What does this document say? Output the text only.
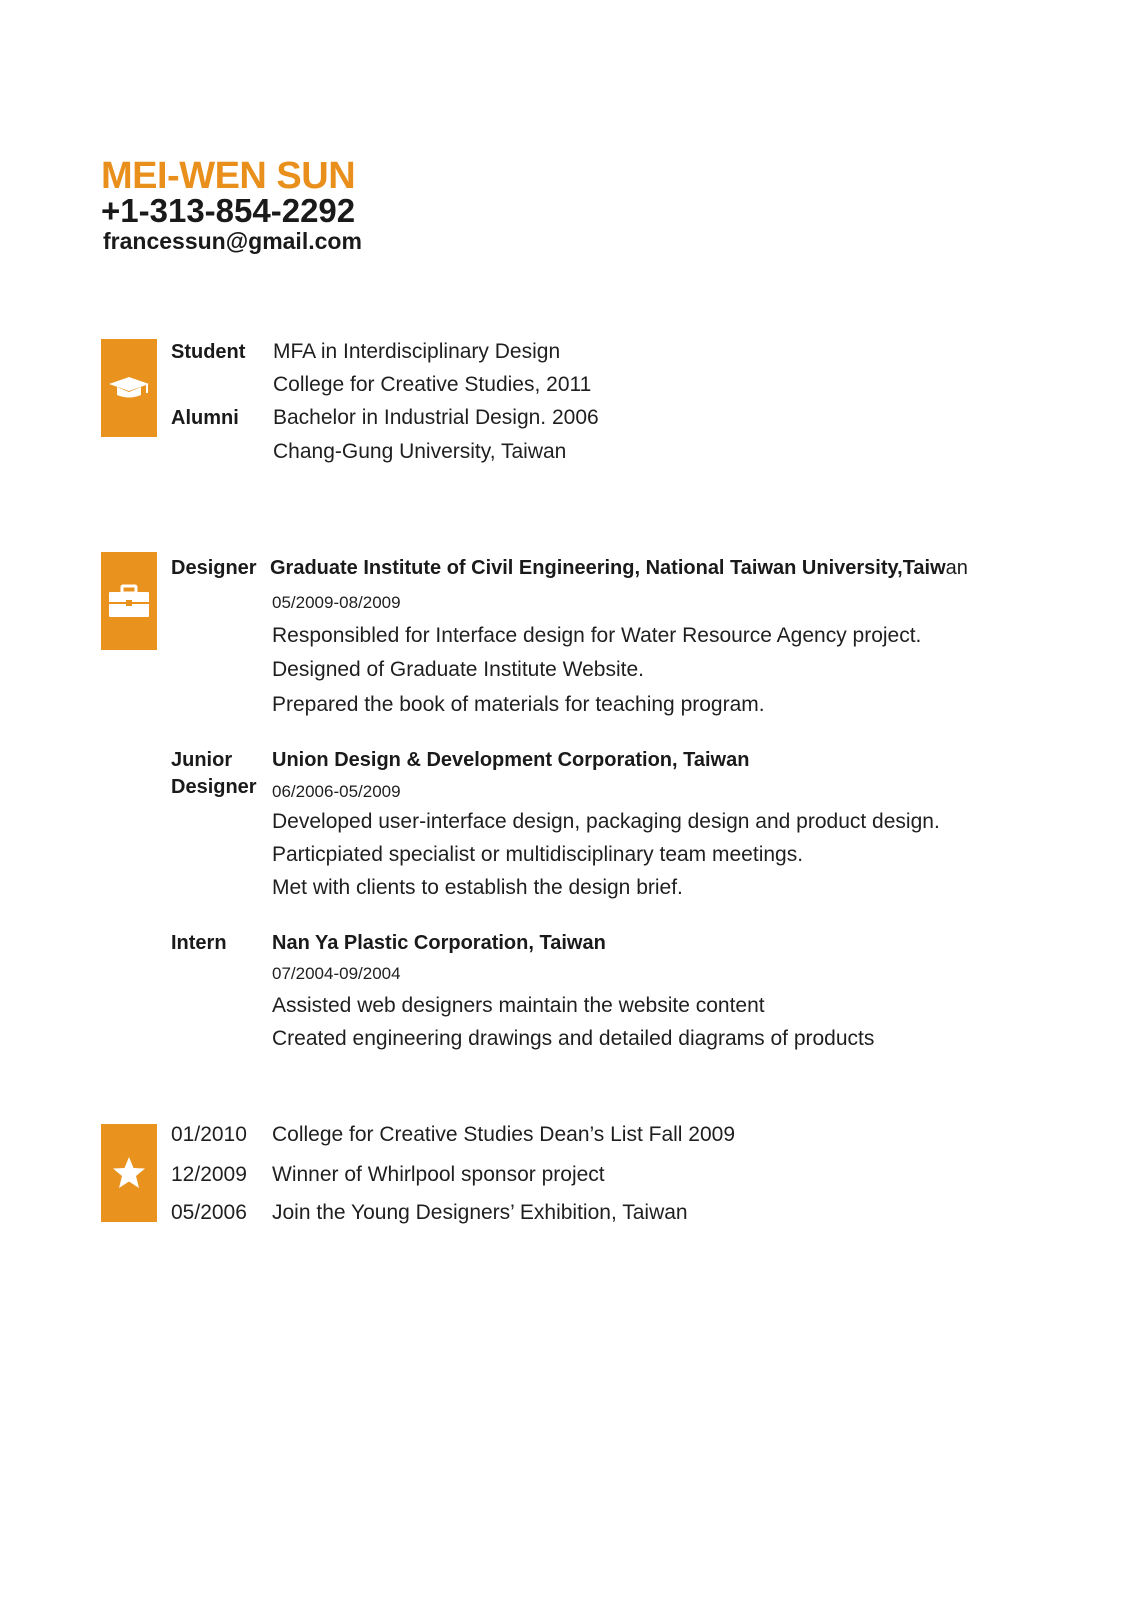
MEI-WEN SUN
+1-313-854-2292
francessun@gmail.com
Student
Alumni
MFA in Interdisciplinary Design
College for Creative Studies, 2011
Bachelor in Industrial Design. 2006
Chang-Gung University, Taiwan
Designer Graduate Institute of Civil Engineering, National Taiwan University,Taiwan
05/2009-08/2009
Responsibled for Interface design for Water Resource Agency project.
Designed of Graduate Institute Website.
Prepared the book of materials for teaching program.
Junior
Designer
Union Design & Development Corporation, Taiwan
06/2006-05/2009
Developed user-interface design, packaging design and product design.
Particpiated specialist or multidisciplinary team meetings.
Met with clients to establish the design brief.
Intern Nan Ya Plastic Corporation, Taiwan
07/2004-09/2004
Assisted web designers maintain the website content
Created engineering drawings and detailed diagrams of products
01/2010 College for Creative Studies Dean’s List Fall 2009
12/2009 Winner of Whirlpool sponsor project
05/2006 Join the Young Designers’ Exhibition, Taiwan
